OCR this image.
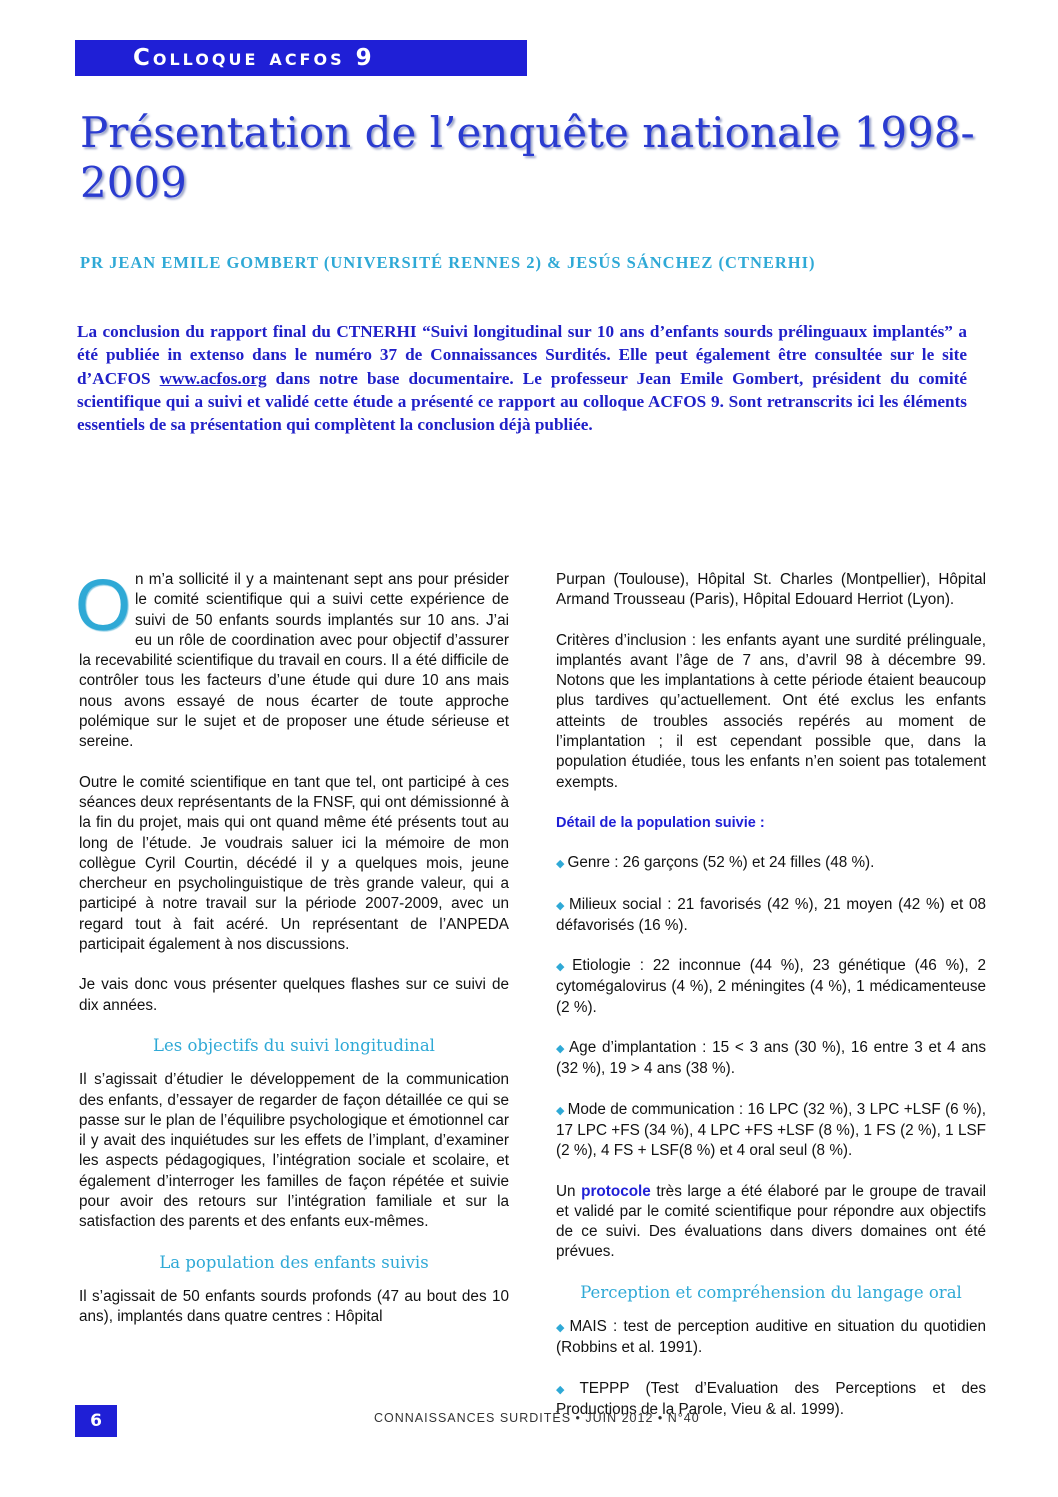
Colloque acfos 9
Présentation de l’enquête nationale 1998-2009
PR JEAN EMILE GOMBERT (UNIVERSITÉ RENNES 2) & JESÚS SÁNCHEZ (CTNERHI)
La conclusion du rapport final du CTNERHI “Suivi longitudinal sur 10 ans d’enfants sourds prélinguaux implantés” a été publiée in extenso dans le numéro 37 de Connaissances Surdités. Elle peut également être consultée sur le site d’ACFOS www.acfos.org dans notre base documentaire. Le professeur Jean Emile Gombert, président du comité scientifique qui a suivi et validé cette étude a présenté ce rapport au colloque ACFOS 9. Sont retranscrits ici les éléments essentiels de sa présentation qui complètent la conclusion déjà publiée.

On m’a sollicité il y a maintenant sept ans pour présider le comité scientifique qui a suivi cette expérience de suivi de 50 enfants sourds implantés sur 10 ans. J’ai eu un rôle de coordination avec pour objectif d’assurer la recevabilité scientifique du travail en cours. Il a été difficile de contrôler tous les facteurs d’une étude qui dure 10 ans mais nous avons essayé de nous écarter de toute approche polémique sur le sujet et de proposer une étude sérieuse et sereine.

Outre le comité scientifique en tant que tel, ont participé à ces séances deux représentants de la FNSF, qui ont démissionné à la fin du projet, mais qui ont quand même été présents tout au long de l’étude. Je voudrais saluer ici la mémoire de mon collègue Cyril Courtin, décédé il y a quelques mois, jeune chercheur en psycholinguistique de très grande valeur, qui a participé à notre travail sur la période 2007-2009, avec un regard tout à fait acéré. Un représentant de l’ANPEDA participait également à nos discussions.

Je vais donc vous présenter quelques flashes sur ce suivi de dix années.

Les objectifs du suivi longitudinal

Il s’agissait d’étudier le développement de la communication des enfants, d’essayer de regarder de façon détaillée ce qui se passe sur le plan de l’équilibre psychologique et émotionnel car il y avait des inquiétudes sur les effets de l’implant, d’examiner les aspects pédagogiques, l’intégration sociale et scolaire, et également d’interroger les familles de façon répétée et suivie pour avoir des retours sur l’intégration familiale et sur la satisfaction des parents et des enfants eux-mêmes.

La population des enfants suivis

Il s’agissait de 50 enfants sourds profonds (47 au bout des 10 ans), implantés dans quatre centres : Hôpital

Purpan (Toulouse), Hôpital St. Charles (Montpellier), Hôpital Armand Trousseau (Paris), Hôpital Edouard Herriot (Lyon).

Critères d’inclusion : les enfants ayant une surdité prélinguale, implantés avant l’âge de 7 ans, d’avril 98 à décembre 99. Notons que les implantations à cette période étaient beaucoup plus tardives qu’actuellement. Ont été exclus les enfants atteints de troubles associés repérés au moment de l’implantation ; il est cependant possible que, dans la population étudiée, tous les enfants n’en soient pas totalement exempts.

Détail de la population suivie :

◆ Genre : 26 garçons (52 %) et 24 filles (48 %).

◆ Milieux social : 21 favorisés (42 %), 21 moyen (42 %) et 08 défavorisés (16 %).

◆ Etiologie : 22 inconnue (44 %), 23 génétique (46 %), 2 cytomégalovirus (4 %), 2 méningites (4 %), 1 médicamenteuse (2 %).

◆ Age d’implantation : 15 < 3 ans (30 %), 16 entre 3 et 4 ans (32 %), 19 > 4 ans (38 %).

◆ Mode de communication : 16 LPC (32 %), 3 LPC +LSF (6 %), 17 LPC +FS (34 %), 4 LPC +FS +LSF (8 %), 1 FS (2 %), 1 LSF (2 %), 4 FS + LSF(8 %) et 4 oral seul (8 %).

Un protocole très large a été élaboré par le groupe de travail et validé par le comité scientifique pour répondre aux objectifs de ce suivi. Des évaluations dans divers domaines ont été prévues.

Perception et compréhension du langage oral

◆ MAIS : test de perception auditive en situation du quotidien (Robbins et al. 1991).

◆ TEPPP (Test d’Evaluation des Perceptions et des Productions de la Parole, Vieu & al. 1999).

6	CONNAISSANCES SURDITÉS • JUIN 2012 • N°40
